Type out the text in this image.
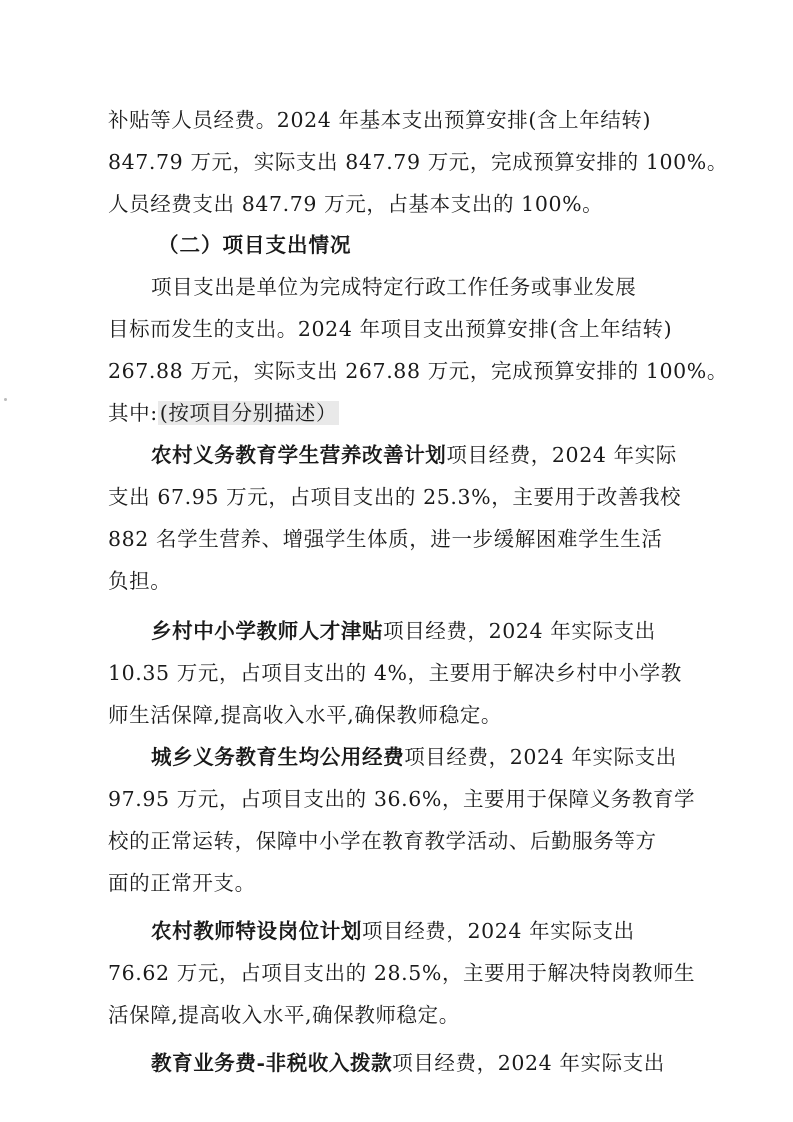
补贴等人员经费。2024 年基本支出预算安排(含上年结转)
847.79 万元，实际支出 847.79 万元，完成预算安排的 100%。
人员经费支出 847.79 万元，占基本支出的 100%。
（二）项目支出情况
项目支出是单位为完成特定行政工作任务或事业发展
目标而发生的支出。2024 年项目支出预算安排(含上年结转)
267.88 万元，实际支出 267.88 万元，完成预算安排的 100%。
其中:(按项目分别描述）
农村义务教育学生营养改善计划项目经费，2024 年实际
支出 67.95 万元，占项目支出的 25.3%，主要用于改善我校
882 名学生营养、增强学生体质，进一步缓解困难学生生活
负担。
乡村中小学教师人才津贴项目经费，2024 年实际支出
10.35 万元，占项目支出的 4%，主要用于解决乡村中小学教
师生活保障,提高收入水平,确保教师稳定。
城乡义务教育生均公用经费项目经费，2024 年实际支出
97.95 万元，占项目支出的 36.6%，主要用于保障义务教育学
校的正常运转，保障中小学在教育教学活动、后勤服务等方
面的正常开支。
农村教师特设岗位计划项目经费，2024 年实际支出
76.62 万元，占项目支出的 28.5%，主要用于解决特岗教师生
活保障,提高收入水平,确保教师稳定。
教育业务费-非税收入拨款项目经费，2024 年实际支出
